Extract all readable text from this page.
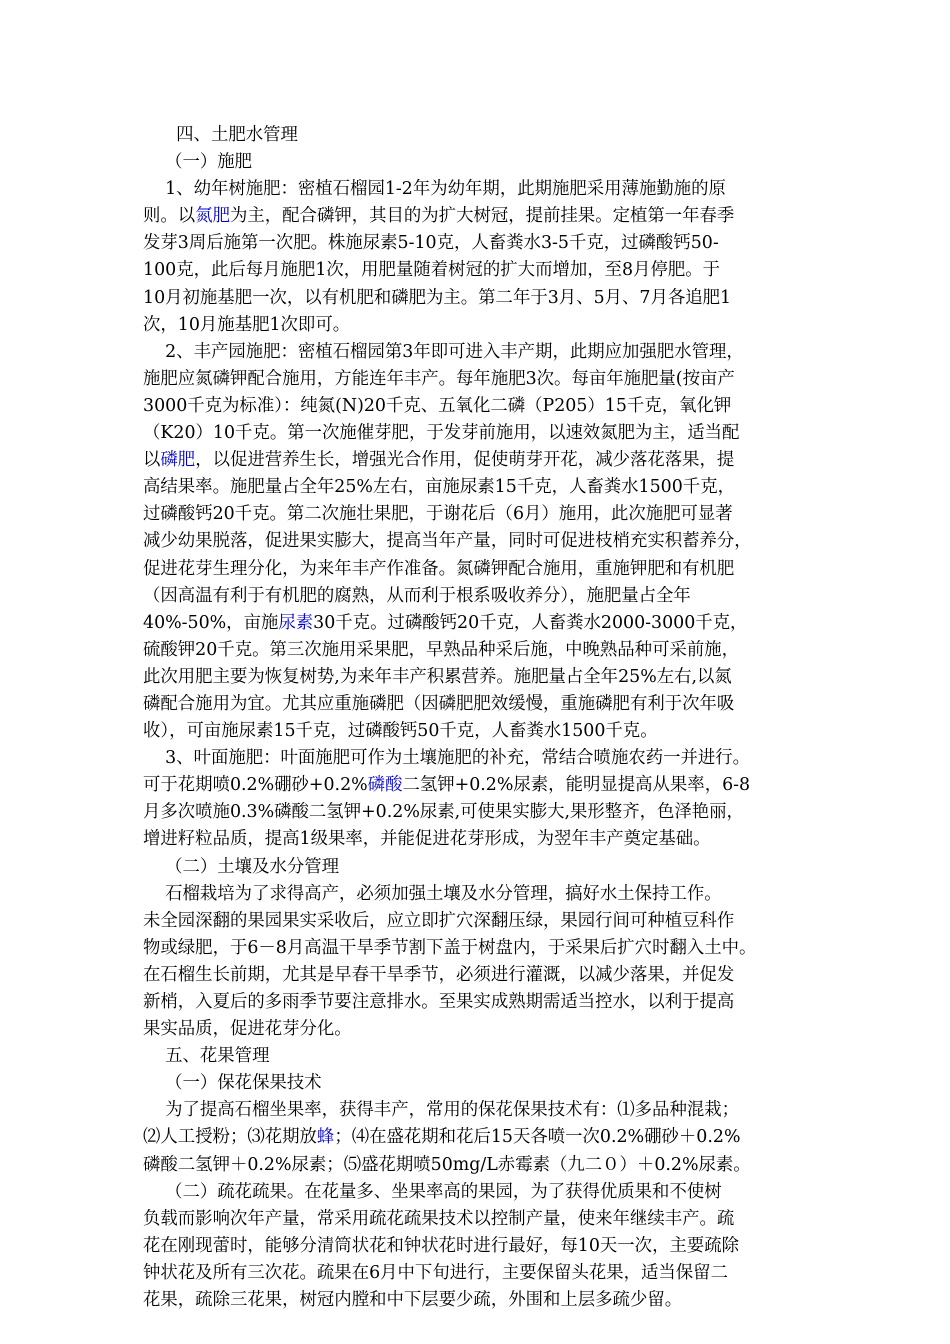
四、土肥水管理
（一）施肥
1、幼年树施肥：密植石榴园1-2年为幼年期，此期施肥采用薄施勤施的原
则。以氮肥为主，配合磷钾，其目的为扩大树冠，提前挂果。定植第一年春季
发芽3周后施第一次肥。株施尿素5-10克，人畜粪水3-5千克，过磷酸钙50-
100克，此后每月施肥1次，用肥量随着树冠的扩大而增加，至8月停肥。于
10月初施基肥一次，以有机肥和磷肥为主。第二年于3月、5月、7月各追肥1
次，10月施基肥1次即可。
2、丰产园施肥：密植石榴园第3年即可进入丰产期，此期应加强肥水管理，
施肥应氮磷钾配合施用，方能连年丰产。每年施肥3次。每亩年施肥量(按亩产
3000千克为标准）：纯氮(N)20千克、五氧化二磷（P205）15千克，氧化钾
（K20）10千克。第一次施催芽肥，于发芽前施用，以速效氮肥为主，适当配
以磷肥，以促进营养生长，增强光合作用，促使萌芽开花，减少落花落果，提
高结果率。施肥量占全年25%左右，亩施尿素15千克，人畜粪水1500千克，
过磷酸钙20千克。第二次施壮果肥，于谢花后（6月）施用，此次施肥可显著
减少幼果脱落，促进果实膨大，提高当年产量，同时可促进枝梢充实积蓄养分，
促进花芽生理分化，为来年丰产作准备。氮磷钾配合施用，重施钾肥和有机肥
（因高温有利于有机肥的腐熟，从而利于根系吸收养分），施肥量占全年
40%-50%，亩施尿素30千克。过磷酸钙20千克，人畜粪水2000-3000千克，
硫酸钾20千克。第三次施用采果肥，早熟品种采后施，中晚熟品种可采前施，
此次用肥主要为恢复树势,为来年丰产积累营养。施肥量占全年25%左右,以氮
磷配合施用为宜。尤其应重施磷肥（因磷肥肥效缓慢，重施磷肥有利于次年吸
收），可亩施尿素15千克，过磷酸钙50千克，人畜粪水1500千克。
3、叶面施肥：叶面施肥可作为土壤施肥的补充，常结合喷施农药一并进行。
可于花期喷0.2%硼砂+0.2%磷酸二氢钾+0.2%尿素，能明显提高从果率，6-8
月多次喷施0.3%磷酸二氢钾+0.2%尿素,可使果实膨大,果形整齐，色泽艳丽，
增进籽粒品质，提高1级果率，并能促进花芽形成，为翌年丰产奠定基础。
（二）土壤及水分管理
石榴栽培为了求得高产，必须加强土壤及水分管理，搞好水土保持工作。
未全园深翻的果园果实采收后，应立即扩穴深翻压绿，果园行间可种植豆科作
物或绿肥，于6－8月高温干旱季节割下盖于树盘内，于采果后扩穴时翻入土中。
在石榴生长前期，尤其是早春干旱季节，必须进行灌溉，以减少落果，并促发
新梢，入夏后的多雨季节要注意排水。至果实成熟期需适当控水，以利于提高
果实品质，促进花芽分化。
五、花果管理
（一）保花保果技术
为了提高石榴坐果率，获得丰产，常用的保花保果技术有：⑴多品种混栽；
⑵人工授粉；⑶花期放蜂；⑷在盛花期和花后15天各喷一次0.2%硼砂＋0.2%
磷酸二氢钾＋0.2%尿素；⑸盛花期喷50mg/L赤霉素（九二０）＋0.2%尿素。
（二）疏花疏果。在花量多、坐果率高的果园，为了获得优质果和不使树
负载而影响次年产量，常采用疏花疏果技术以控制产量，使来年继续丰产。疏
花在刚现蕾时，能够分清筒状花和钟状花时进行最好，每10天一次，主要疏除
钟状花及所有三次花。疏果在6月中下旬进行，主要保留头花果，适当保留二
花果，疏除三花果，树冠内膛和中下层要少疏，外围和上层多疏少留。
